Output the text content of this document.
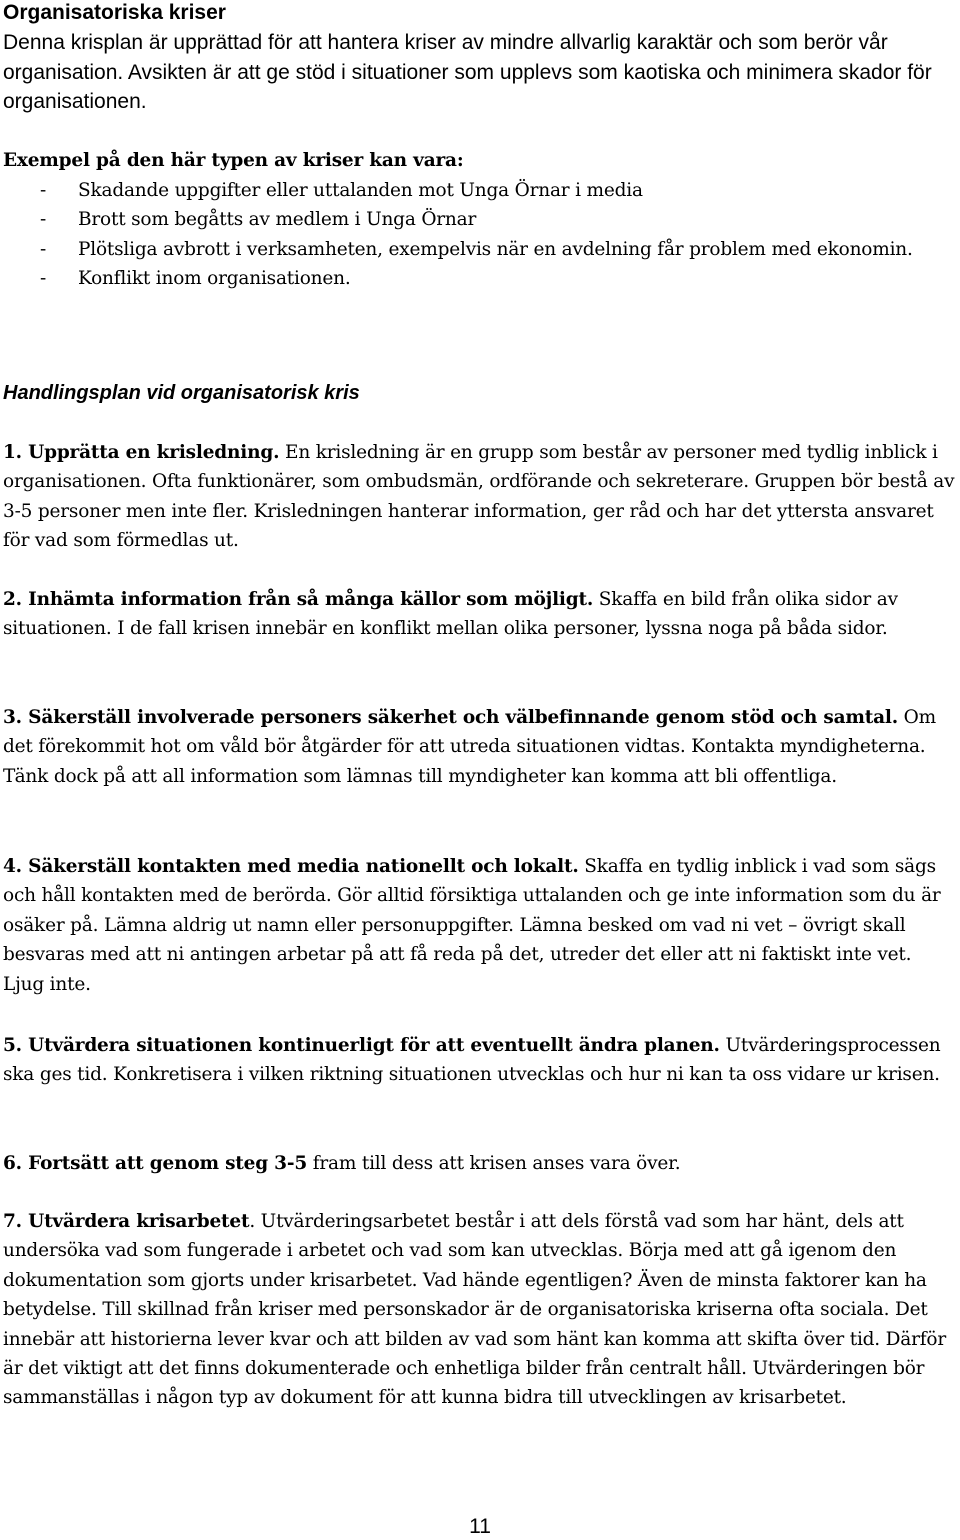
Organisatoriska kriser
Denna krisplan är upprättad för att hantera kriser av mindre allvarlig karaktär och som berör vår organisation. Avsikten är att ge stöd i situationer som upplevs som kaotiska och minimera skador för organisationen.
Exempel på den här typen av kriser kan vara:
- Skadande uppgifter eller uttalanden mot Unga Örnar i media
- Brott som begåtts av medlem i Unga Örnar
- Plötsliga avbrott i verksamheten, exempelvis när en avdelning får problem med ekonomin.
- Konflikt inom organisationen.
Handlingsplan vid organisatorisk kris

1. Upprätta en krisledning. En krisledning är en grupp som består av personer med tydlig inblick i organisationen. Ofta funktionärer, som ombudsmän, ordförande och sekreterare. Gruppen bör bestå av 3-5 personer men inte fler. Krisledningen hanterar information, ger råd och har det yttersta ansvaret för vad som förmedlas ut.

2. Inhämta information från så många källor som möjligt. Skaffa en bild från olika sidor av situationen. I de fall krisen innebär en konflikt mellan olika personer, lyssna noga på båda sidor.

3. Säkerställ involverade personers säkerhet och välbefinnande genom stöd och samtal. Om det förekommit hot om våld bör åtgärder för att utreda situationen vidtas. Kontakta myndigheterna. Tänk dock på att all information som lämnas till myndigheter kan komma att bli offentliga.

4. Säkerställ kontakten med media nationellt och lokalt. Skaffa en tydlig inblick i vad som sägs och håll kontakten med de berörda. Gör alltid försiktiga uttalanden och ge inte information som du är osäker på. Lämna aldrig ut namn eller personuppgifter. Lämna besked om vad ni vet – övrigt skall besvaras med att ni antingen arbetar på att få reda på det, utreder det eller att ni faktiskt inte vet. Ljug inte.

5. Utvärdera situationen kontinuerligt för att eventuellt ändra planen. Utvärderingsprocessen ska ges tid. Konkretisera i vilken riktning situationen utvecklas och hur ni kan ta oss vidare ur krisen.

6. Fortsätt att genom steg 3-5 fram till dess att krisen anses vara över.

7. Utvärdera krisarbetet. Utvärderingsarbetet består i att dels förstå vad som har hänt, dels att undersöka vad som fungerade i arbetet och vad som kan utvecklas. Börja med att gå igenom den dokumentation som gjorts under krisarbetet. Vad hände egentligen? Även de minsta faktorer kan ha betydelse. Till skillnad från kriser med personskador är de organisatoriska kriserna ofta sociala. Det innebär att historierna lever kvar och att bilden av vad som hänt kan komma att skifta över tid. Därför är det viktigt att det finns dokumenterade och enhetliga bilder från centralt håll. Utvärderingen bör sammanställas i någon typ av dokument för att kunna bidra till utvecklingen av krisarbetet.

11
